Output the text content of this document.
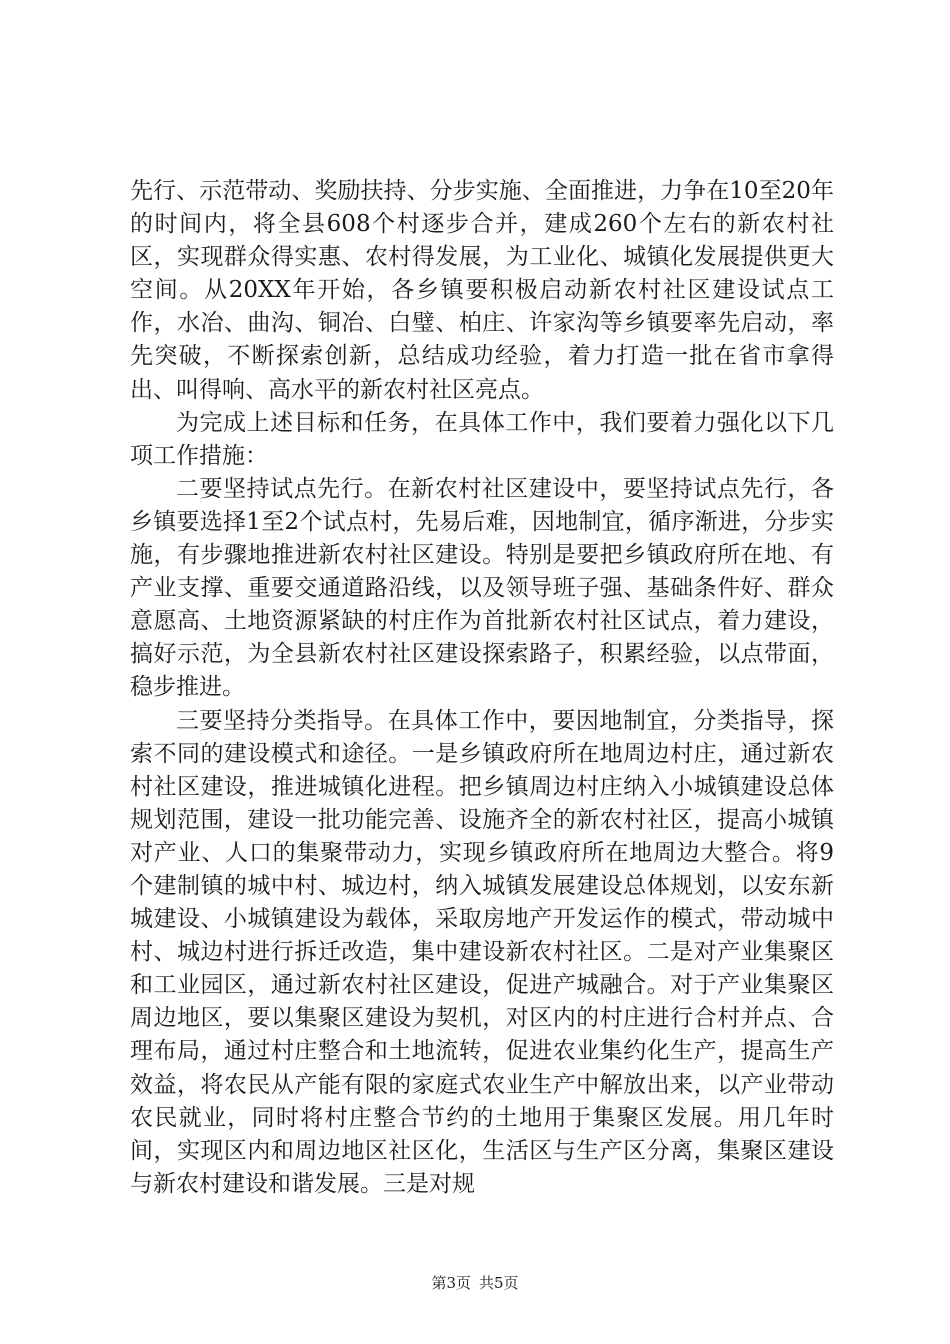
先行、示范带动、奖励扶持、分步实施、全面推进，力争在10至20年的时间内，将全县608个村逐步合并，建成260个左右的新农村社区，实现群众得实惠、农村得发展，为工业化、城镇化发展提供更大空间。从20XX年开始，各乡镇要积极启动新农村社区建设试点工作，水冶、曲沟、铜冶、白璧、柏庄、许家沟等乡镇要率先启动，率先突破，不断探索创新，总结成功经验，着力打造一批在省市拿得出、叫得响、高水平的新农村社区亮点。

为完成上述目标和任务，在具体工作中，我们要着力强化以下几项工作措施：

二要坚持试点先行。在新农村社区建设中，要坚持试点先行，各乡镇要选择1至2个试点村，先易后难，因地制宜，循序渐进，分步实施，有步骤地推进新农村社区建设。特别是要把乡镇政府所在地、有产业支撑、重要交通道路沿线，以及领导班子强、基础条件好、群众意愿高、土地资源紧缺的村庄作为首批新农村社区试点，着力建设，搞好示范，为全县新农村社区建设探索路子，积累经验，以点带面，稳步推进。

三要坚持分类指导。在具体工作中，要因地制宜，分类指导，探索不同的建设模式和途径。一是乡镇政府所在地周边村庄，通过新农村社区建设，推进城镇化进程。把乡镇周边村庄纳入小城镇建设总体规划范围，建设一批功能完善、设施齐全的新农村社区，提高小城镇对产业、人口的集聚带动力，实现乡镇政府所在地周边大整合。将9个建制镇的城中村、城边村，纳入城镇发展建设总体规划，以安东新城建设、小城镇建设为载体，采取房地产开发运作的模式，带动城中村、城边村进行拆迁改造，集中建设新农村社区。二是对产业集聚区和工业园区，通过新农村社区建设，促进产城融合。对于产业集聚区周边地区，要以集聚区建设为契机，对区内的村庄进行合村并点、合理布局，通过村庄整合和土地流转，促进农业集约化生产，提高生产效益，将农民从产能有限的家庭式农业生产中解放出来，以产业带动农民就业，同时将村庄整合节约的土地用于集聚区发展。用几年时间，实现区内和周边地区社区化，生活区与生产区分离，集聚区建设与新农村建设和谐发展。三是对规

第3页 共5页
